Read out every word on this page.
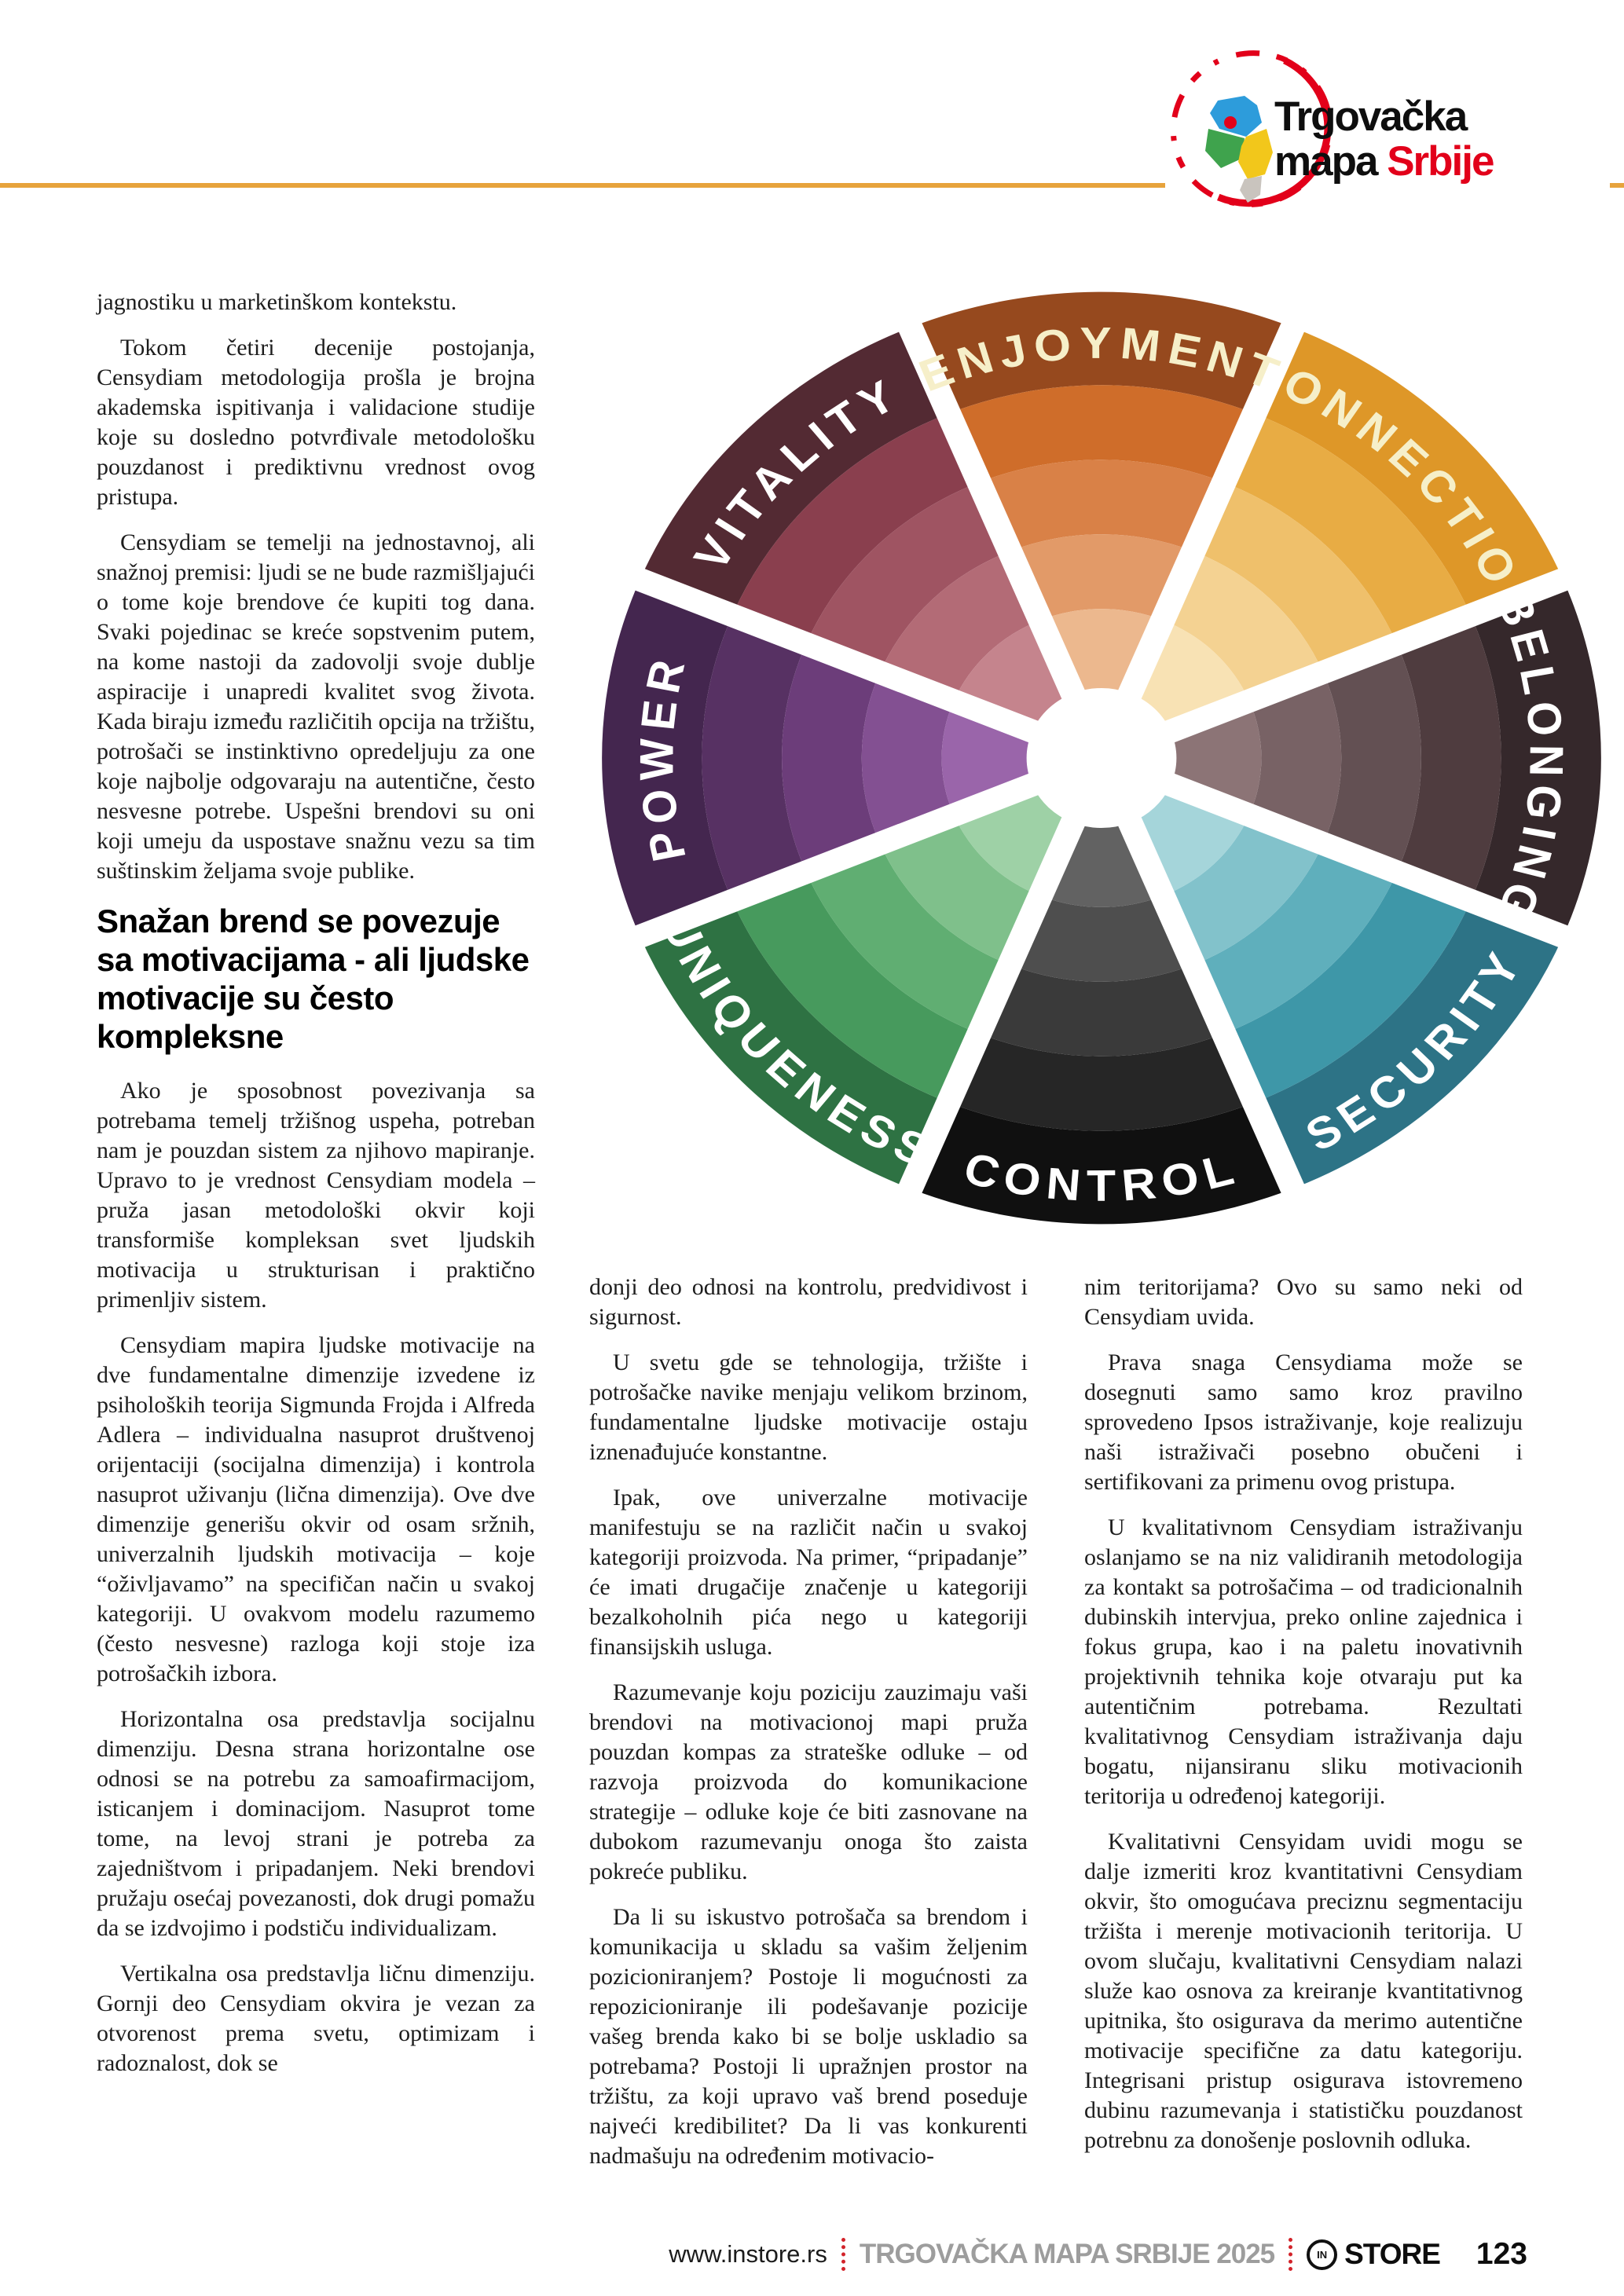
Trgovačka
mapa Srbije

jagnostiku u marketinškom kontekstu.

Tokom četiri decenije postojanja, Censydiam metodologija prošla je brojna akademska ispitivanja i validacione studije koje su dosledno potvrđivale metodološku pouzdanost i prediktivnu vrednost ovog pristupa.

Censydiam se temelji na jednostavnoj, ali snažnoj premisi: ljudi se ne bude razmišljajući o tome koje brendove će kupiti tog dana. Svaki pojedinac se kreće sopstvenim putem, na kome nastoji da zadovolji svoje dublje aspiracije i unapredi kvalitet svog života. Kada biraju između različitih opcija na tržištu, potrošači se instinktivno opredeljuju za one koje najbolje odgovaraju na autentične, često nesvesne potrebe. Uspešni brendovi su oni koji umeju da uspostave snažnu vezu sa tim suštinskim željama svoje publike.

Snažan brend se povezuje sa motivacijama - ali ljudske motivacije su često kompleksne

Ako je sposobnost povezivanja sa potrebama temelj tržišnog uspeha, potreban nam je pouzdan sistem za njihovo mapiranje. Upravo to je vrednost Censydiam modela – pruža jasan metodološki okvir koji transformiše kompleksan svet ljudskih motivacija u strukturisan i praktično primenljiv sistem.

Censydiam mapira ljudske motivacije na dve fundamentalne dimenzije izvedene iz psiholoških teorija Sigmunda Frojda i Alfreda Adlera – individualna nasuprot društvenoj orijentaciji (socijalna dimenzija) i kontrola nasuprot uživanju (lična dimenzija). Ove dve dimenzije generišu okvir od osam sržnih, univerzalnih ljudskih motivacija – koje “oživljavamo” na specifičan način u svakoj kategoriji. U ovakvom modelu razumemo (često nesvesne) razloga koji stoje iza potrošačkih izbora.

Horizontalna osa predstavlja socijalnu dimenziju. Desna strana horizontalne ose odnosi se na potrebu za samoafirmacijom, isticanjem i dominacijom. Nasuprot tome tome, na levoj strani je potreba za zajedništvom i pripadanjem. Neki brendovi pružaju osećaj povezanosti, dok drugi pomažu da se izdvojimo i podstiču individualizam.

Vertikalna osa predstavlja ličnu dimenziju. Gornji deo Censydiam okvira je vezan za otvorenost prema svetu, optimizam i radoznalost, dok se

donji deo odnosi na kontrolu, predvidivost i sigurnost.

U svetu gde se tehnologija, tržište i potrošačke navike menjaju velikom brzinom, fundamentalne ljudske motivacije ostaju iznenađujuće konstantne.

Ipak, ove univerzalne motivacije manifestuju se na različit način u svakoj kategoriji proizvoda. Na primer, “pripadanje” će imati drugačije značenje u kategoriji bezalkoholnih pića nego u kategoriji finansijskih usluga.

Razumevanje koju poziciju zauzimaju vaši brendovi na motivacionoj mapi pruža pouzdan kompas za strateške odluke – od razvoja proizvoda do komunikacione strategije – odluke koje će biti zasnovane na dubokom razumevanju onoga što zaista pokreće publiku.

Da li su iskustvo potrošača sa brendom i komunikacija u skladu sa vašim željenim pozicioniranjem? Postoje li mogućnosti za repozicioniranje ili podešavanje pozicije vašeg brenda kako bi se bolje uskladio sa potrebama? Postoji li upražnjen prostor na tržištu, za koji upravo vaš brend poseduje najveći kredibilitet? Da li vas konkurenti nadmašuju na određenim motivacio-

nim teritorijama? Ovo su samo neki od Censydiam uvida.

Prava snaga Censydiama može se dosegnuti samo samo kroz pravilno sprovedeno Ipsos istraživanje, koje realizuju naši istraživači posebno obučeni i sertifikovani za primenu ovog pristupa.

U kvalitativnom Censydiam istraživanju oslanjamo se na niz validiranih metodologija za kontakt sa potrošačima – od tradicionalnih dubinskih intervjua, preko online zajednica i fokus grupa, kao i na paletu inovativnih projektivnih tehnika koje otvaraju put ka autentičnim potrebama. Rezultati kvalitativnog Censydiam istraživanja daju bogatu, nijansiranu sliku motivacionih teritorija u određenoj kategoriji.

Kvalitativni Censyidam uvidi mogu se dalje izmeriti kroz kvantitativni Censydiam okvir, što omogućava preciznu segmentaciju tržišta i merenje motivacionih teritorija. U ovom slučaju, kvalitativni Censydiam nalazi služe kao osnova za kreiranje kvantitativnog upitnika, što osigurava da merimo autentične motivacije specifične za datu kategoriju. Integrisani pristup osigurava istovremeno dubinu razumevanja i statističku pouzdanost potrebnu za donošenje poslovnih odluka.

www.instore.rs TRGOVAČKA MAPA SRBIJE 2025	IN STORE 123
